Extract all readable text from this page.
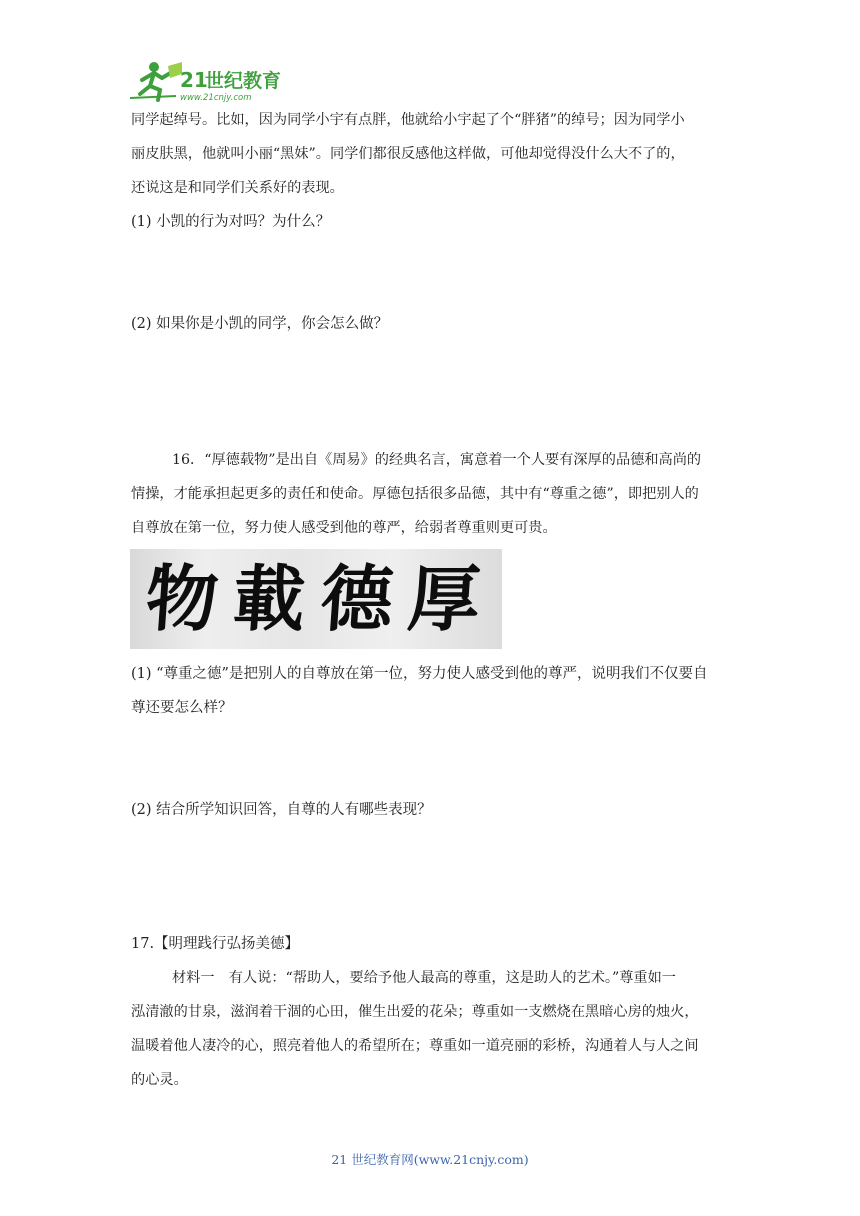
21
世纪教育
www.21cnjy.com
同学起绰号。比如，因为同学小宇有点胖，他就给小宇起了个“胖猪”的绰号；因为同学小
丽皮肤黑，他就叫小丽“黑妹”。同学们都很反感他这样做，可他却觉得没什么大不了的，
还说这是和同学们关系好的表现。
(1) 小凯的行为对吗？为什么？
(2) 如果你是小凯的同学，你会怎么做？
16．“厚德载物”是出自《周易》的经典名言，寓意着一个人要有深厚的品德和高尚的
情操，才能承担起更多的责任和使命。厚德包括很多品德，其中有“尊重之德”，即把别人的
自尊放在第一位，努力使人感受到他的尊严，给弱者尊重则更可贵。
物 載 德 厚
(1) “尊重之德”是把别人的自尊放在第一位，努力使人感受到他的尊严，说明我们不仅要自
尊还要怎么样？
(2) 结合所学知识回答，自尊的人有哪些表现？
17.【明理践行弘扬美德】
材料一　有人说：“帮助人，要给予他人最高的尊重，这是助人的艺术。”尊重如一
泓清澈的甘泉，滋润着干涸的心田，催生出爱的花朵；尊重如一支燃烧在黑暗心房的烛火，
温暖着他人凄冷的心，照亮着他人的希望所在；尊重如一道亮丽的彩桥，沟通着人与人之间
的心灵。
21 世纪教育网(www.21cnjy.com)
